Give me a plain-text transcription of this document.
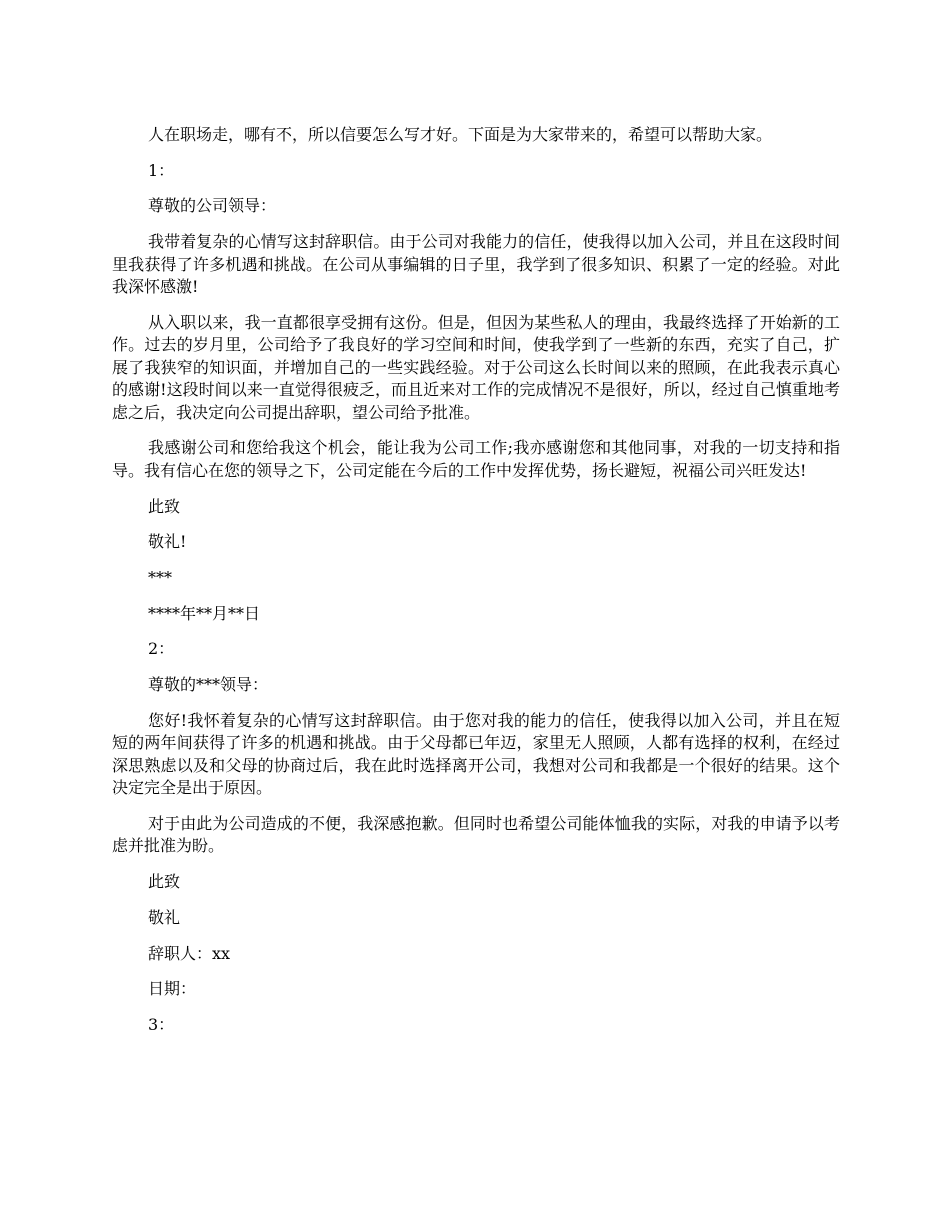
人在职场走，哪有不，所以信要怎么写才好。下面是为大家带来的，希望可以帮助大家。

1：

尊敬的公司领导：

我带着复杂的心情写这封辞职信。由于公司对我能力的信任，使我得以加入公司，并且在这段时间里我获得了许多机遇和挑战。在公司从事编辑的日子里，我学到了很多知识、积累了一定的经验。对此我深怀感激!

从入职以来，我一直都很享受拥有这份。但是，但因为某些私人的理由，我最终选择了开始新的工作。过去的岁月里，公司给予了我良好的学习空间和时间，使我学到了一些新的东西，充实了自己，扩展了我狭窄的知识面，并增加自己的一些实践经验。对于公司这么长时间以来的照顾，在此我表示真心的感谢!这段时间以来一直觉得很疲乏，而且近来对工作的完成情况不是很好，所以，经过自己慎重地考虑之后，我决定向公司提出辞职，望公司给予批准。

我感谢公司和您给我这个机会，能让我为公司工作;我亦感谢您和其他同事，对我的一切支持和指导。我有信心在您的领导之下，公司定能在今后的工作中发挥优势，扬长避短，祝福公司兴旺发达!

此致

敬礼!

***

****年**月**日

2：

尊敬的***领导：

您好!我怀着复杂的心情写这封辞职信。由于您对我的能力的信任，使我得以加入公司，并且在短短的两年间获得了许多的机遇和挑战。由于父母都已年迈，家里无人照顾，人都有选择的权利，在经过深思熟虑以及和父母的协商过后，我在此时选择离开公司，我想对公司和我都是一个很好的结果。这个决定完全是出于原因。

对于由此为公司造成的不便，我深感抱歉。但同时也希望公司能体恤我的实际，对我的申请予以考虑并批准为盼。

此致

敬礼

辞职人：xx

日期：

3：
